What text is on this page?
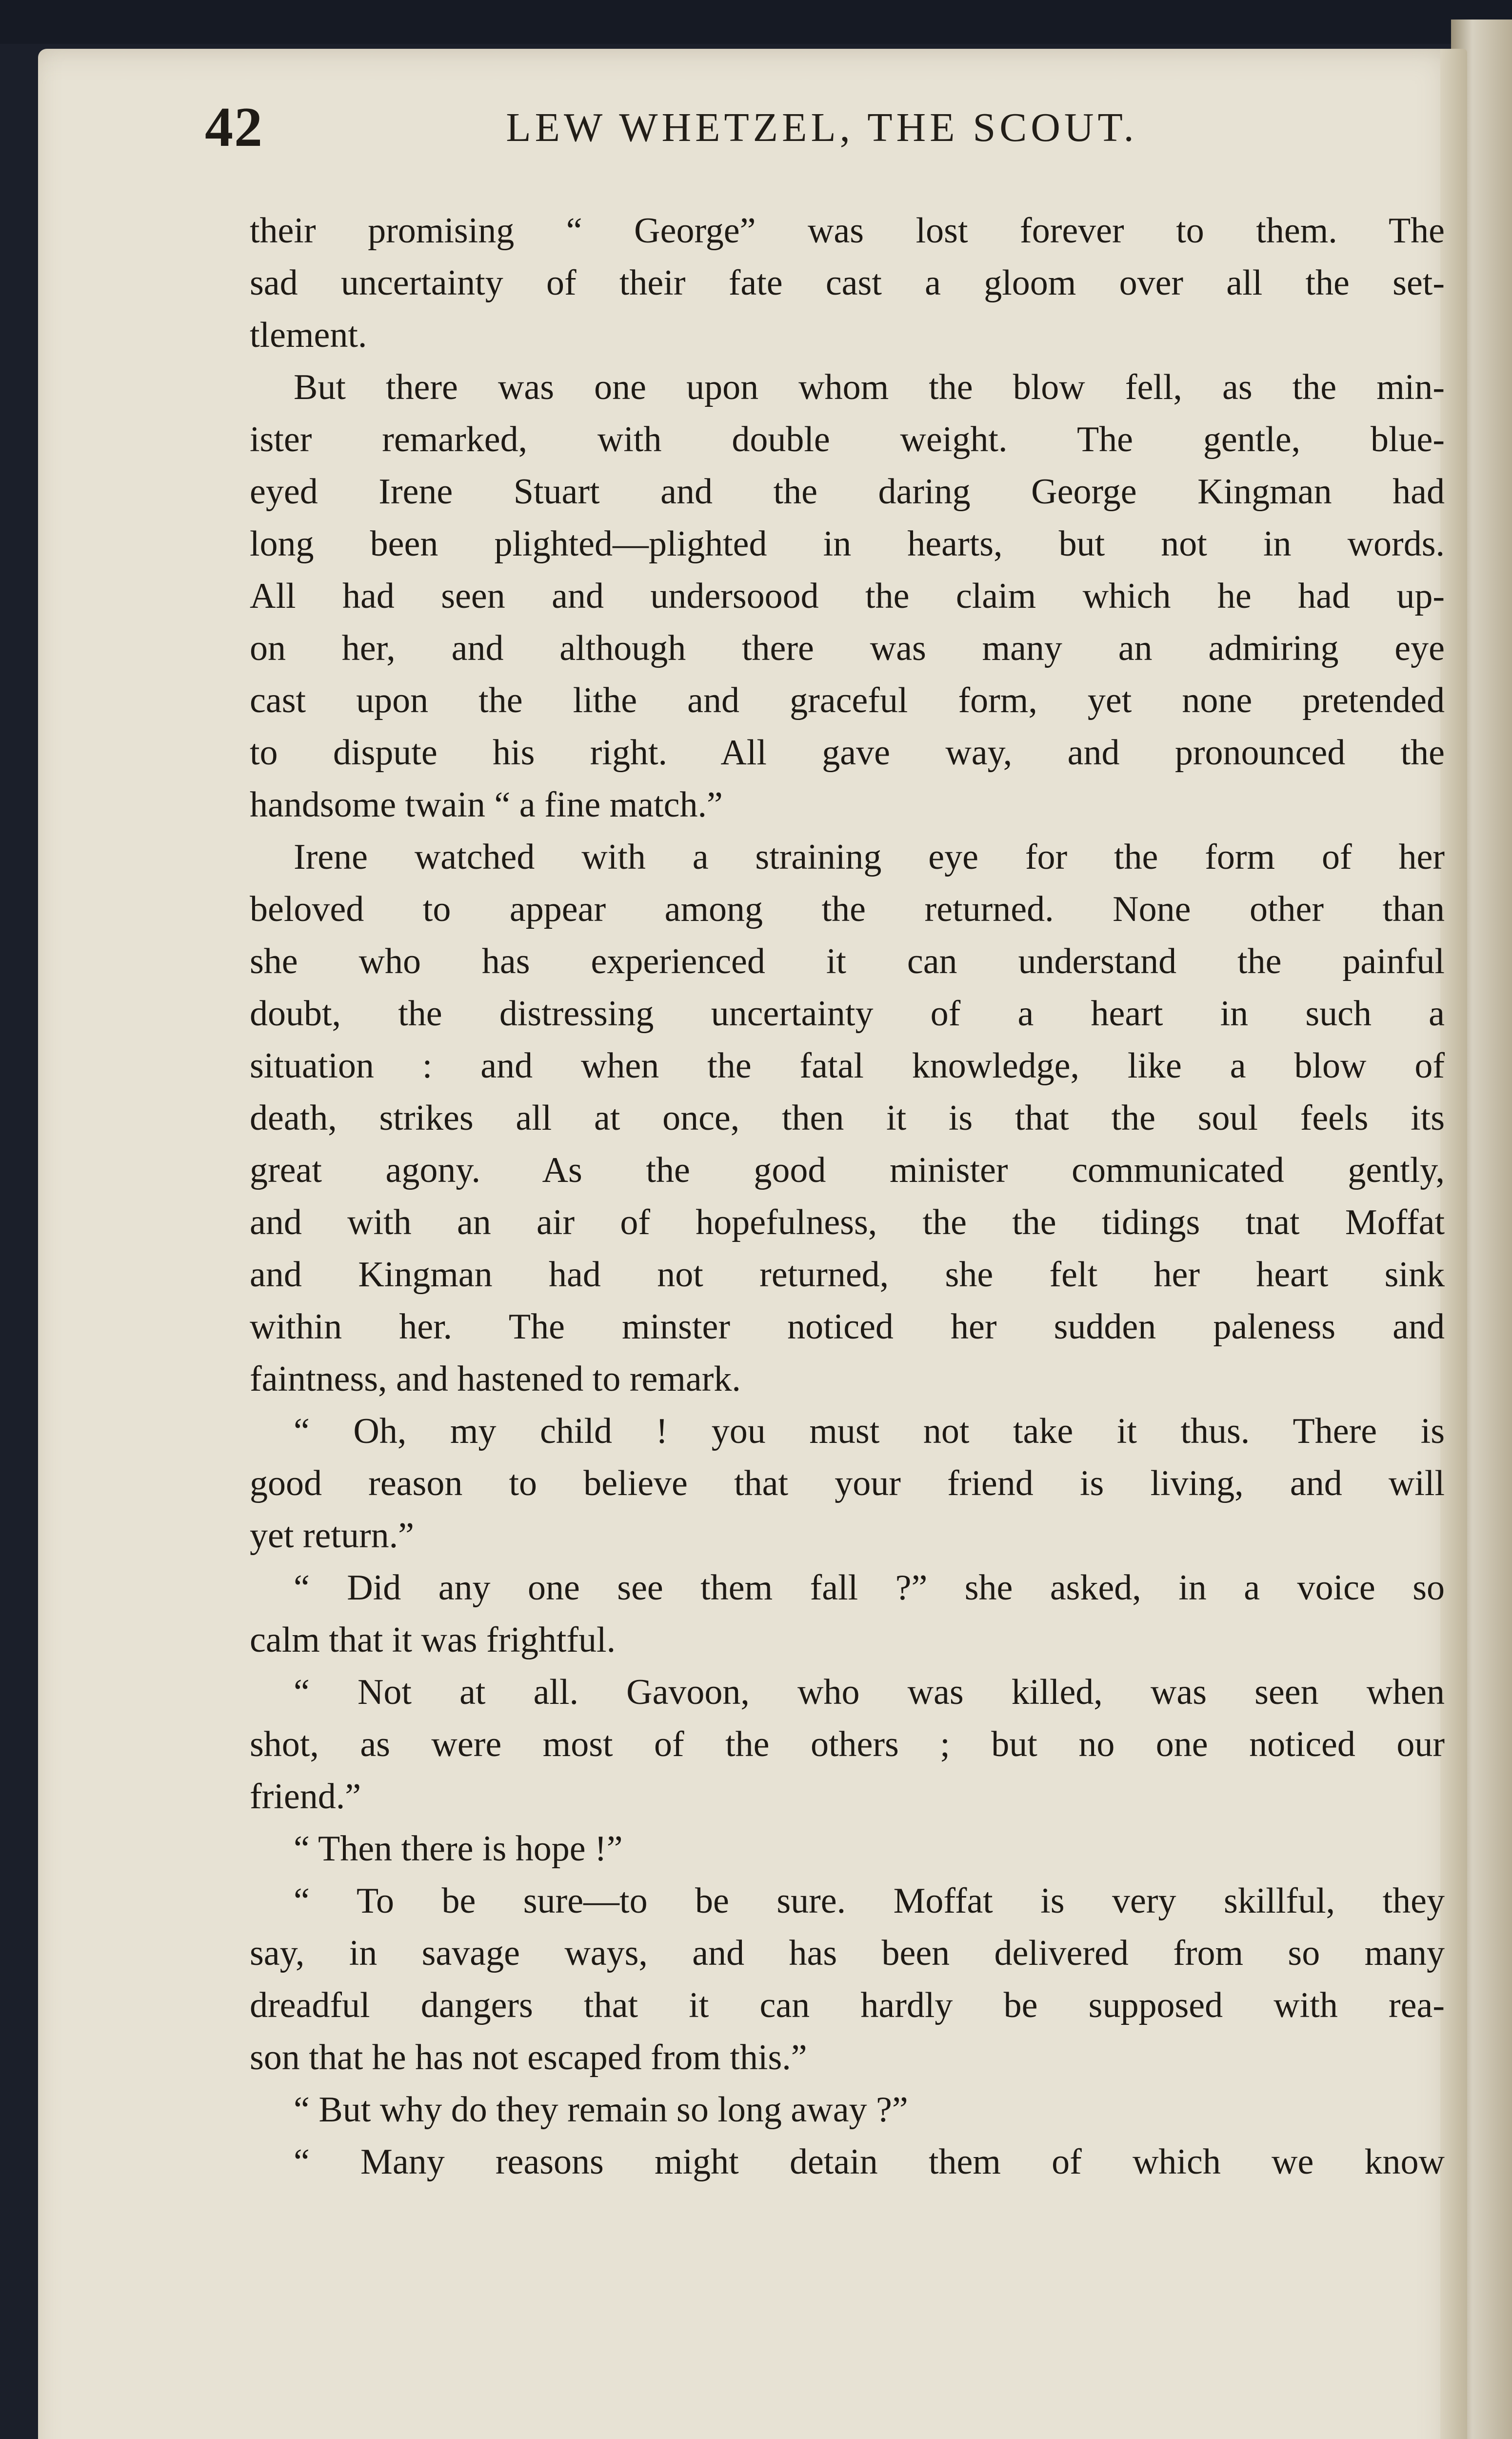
42	LEW WHETZEL, THE SCOUT.
their promising “ George” was lost forever to them. The
sad uncertainty of their fate cast a gloom over all the set-
tlement.
But there was one upon whom the blow fell, as the min-
ister remarked, with double weight. The gentle, blue-
eyed Irene Stuart and the daring George Kingman had
long been plighted—plighted in hearts, but not in words.
All had seen and undersoood the claim which he had up-
on her, and although there was many an admiring eye
cast upon the lithe and graceful form, yet none pretended
to dispute his right. All gave way, and pronounced the
handsome twain “ a fine match.”
Irene watched with a straining eye for the form of her
beloved to appear among the returned. None other than
she who has experienced it can understand the painful
doubt, the distressing uncertainty of a heart in such a
situation : and when the fatal knowledge, like a blow of
death, strikes all at once, then it is that the soul feels its
great agony. As the good minister communicated gently,
and with an air of hopefulness, the the tidings tnat Moffat
and Kingman had not returned, she felt her heart sink
within her. The minster noticed her sudden paleness and
faintness, and hastened to remark.
“ Oh, my child ! you must not take it thus. There is
good reason to believe that your friend is living, and will
yet return.”
“ Did any one see them fall ?” she asked, in a voice so
calm that it was frightful.
“ Not at all. Gavoon, who was killed, was seen when
shot, as were most of the others ; but no one noticed our
friend.”
“ Then there is hope !”
“ To be sure—to be sure. Moffat is very skillful, they
say, in savage ways, and has been delivered from so many
dreadful dangers that it can hardly be supposed with rea-
son that he has not escaped from this.”
“ But why do they remain so long away ?”
“ Many reasons might detain them of which we know
